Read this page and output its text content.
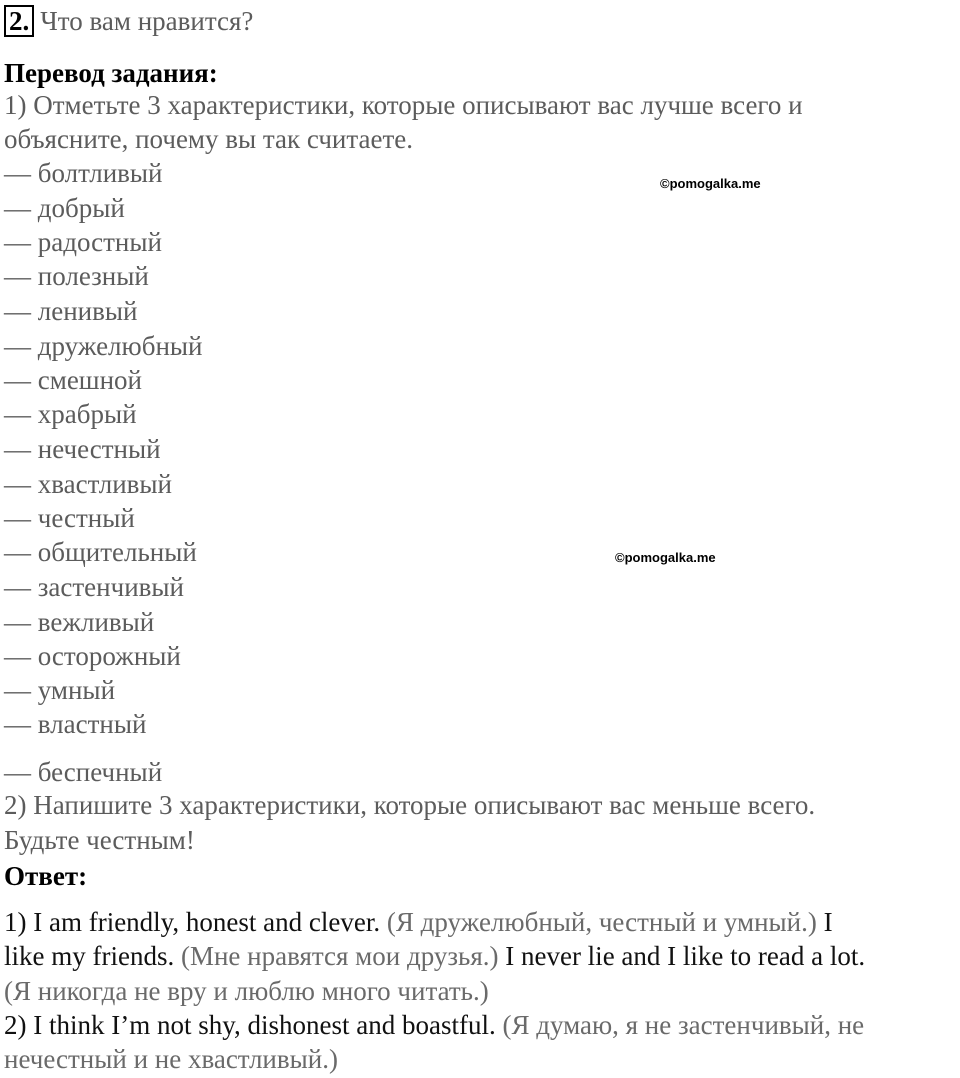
2. Что вам нравится?
Перевод задания:
1) Отметьте 3 характеристики, которые описывают вас лучше всего и
объясните, почему вы так считаете.
— болтливый
— добрый
— радостный
— полезный
— ленивый
— дружелюбный
— смешной
— храбрый
— нечестный
— хвастливый
— честный
— общительный
— застенчивый
— вежливый
— осторожный
— умный
— властный
— беспечный
2) Напишите 3 характеристики, которые описывают вас меньше всего.
Будьте честным!
Ответ:
1) I am friendly, honest and clever. (Я дружелюбный, честный и умный.) I
like my friends. (Мне нравятся мои друзья.) I never lie and I like to read a lot.
(Я никогда не вру и люблю много читать.)
2) I think I’m not shy, dishonest and boastful. (Я думаю, я не застенчивый, не
нечестный и не хвастливый.)
©pomogalka.me
©pomogalka.me
